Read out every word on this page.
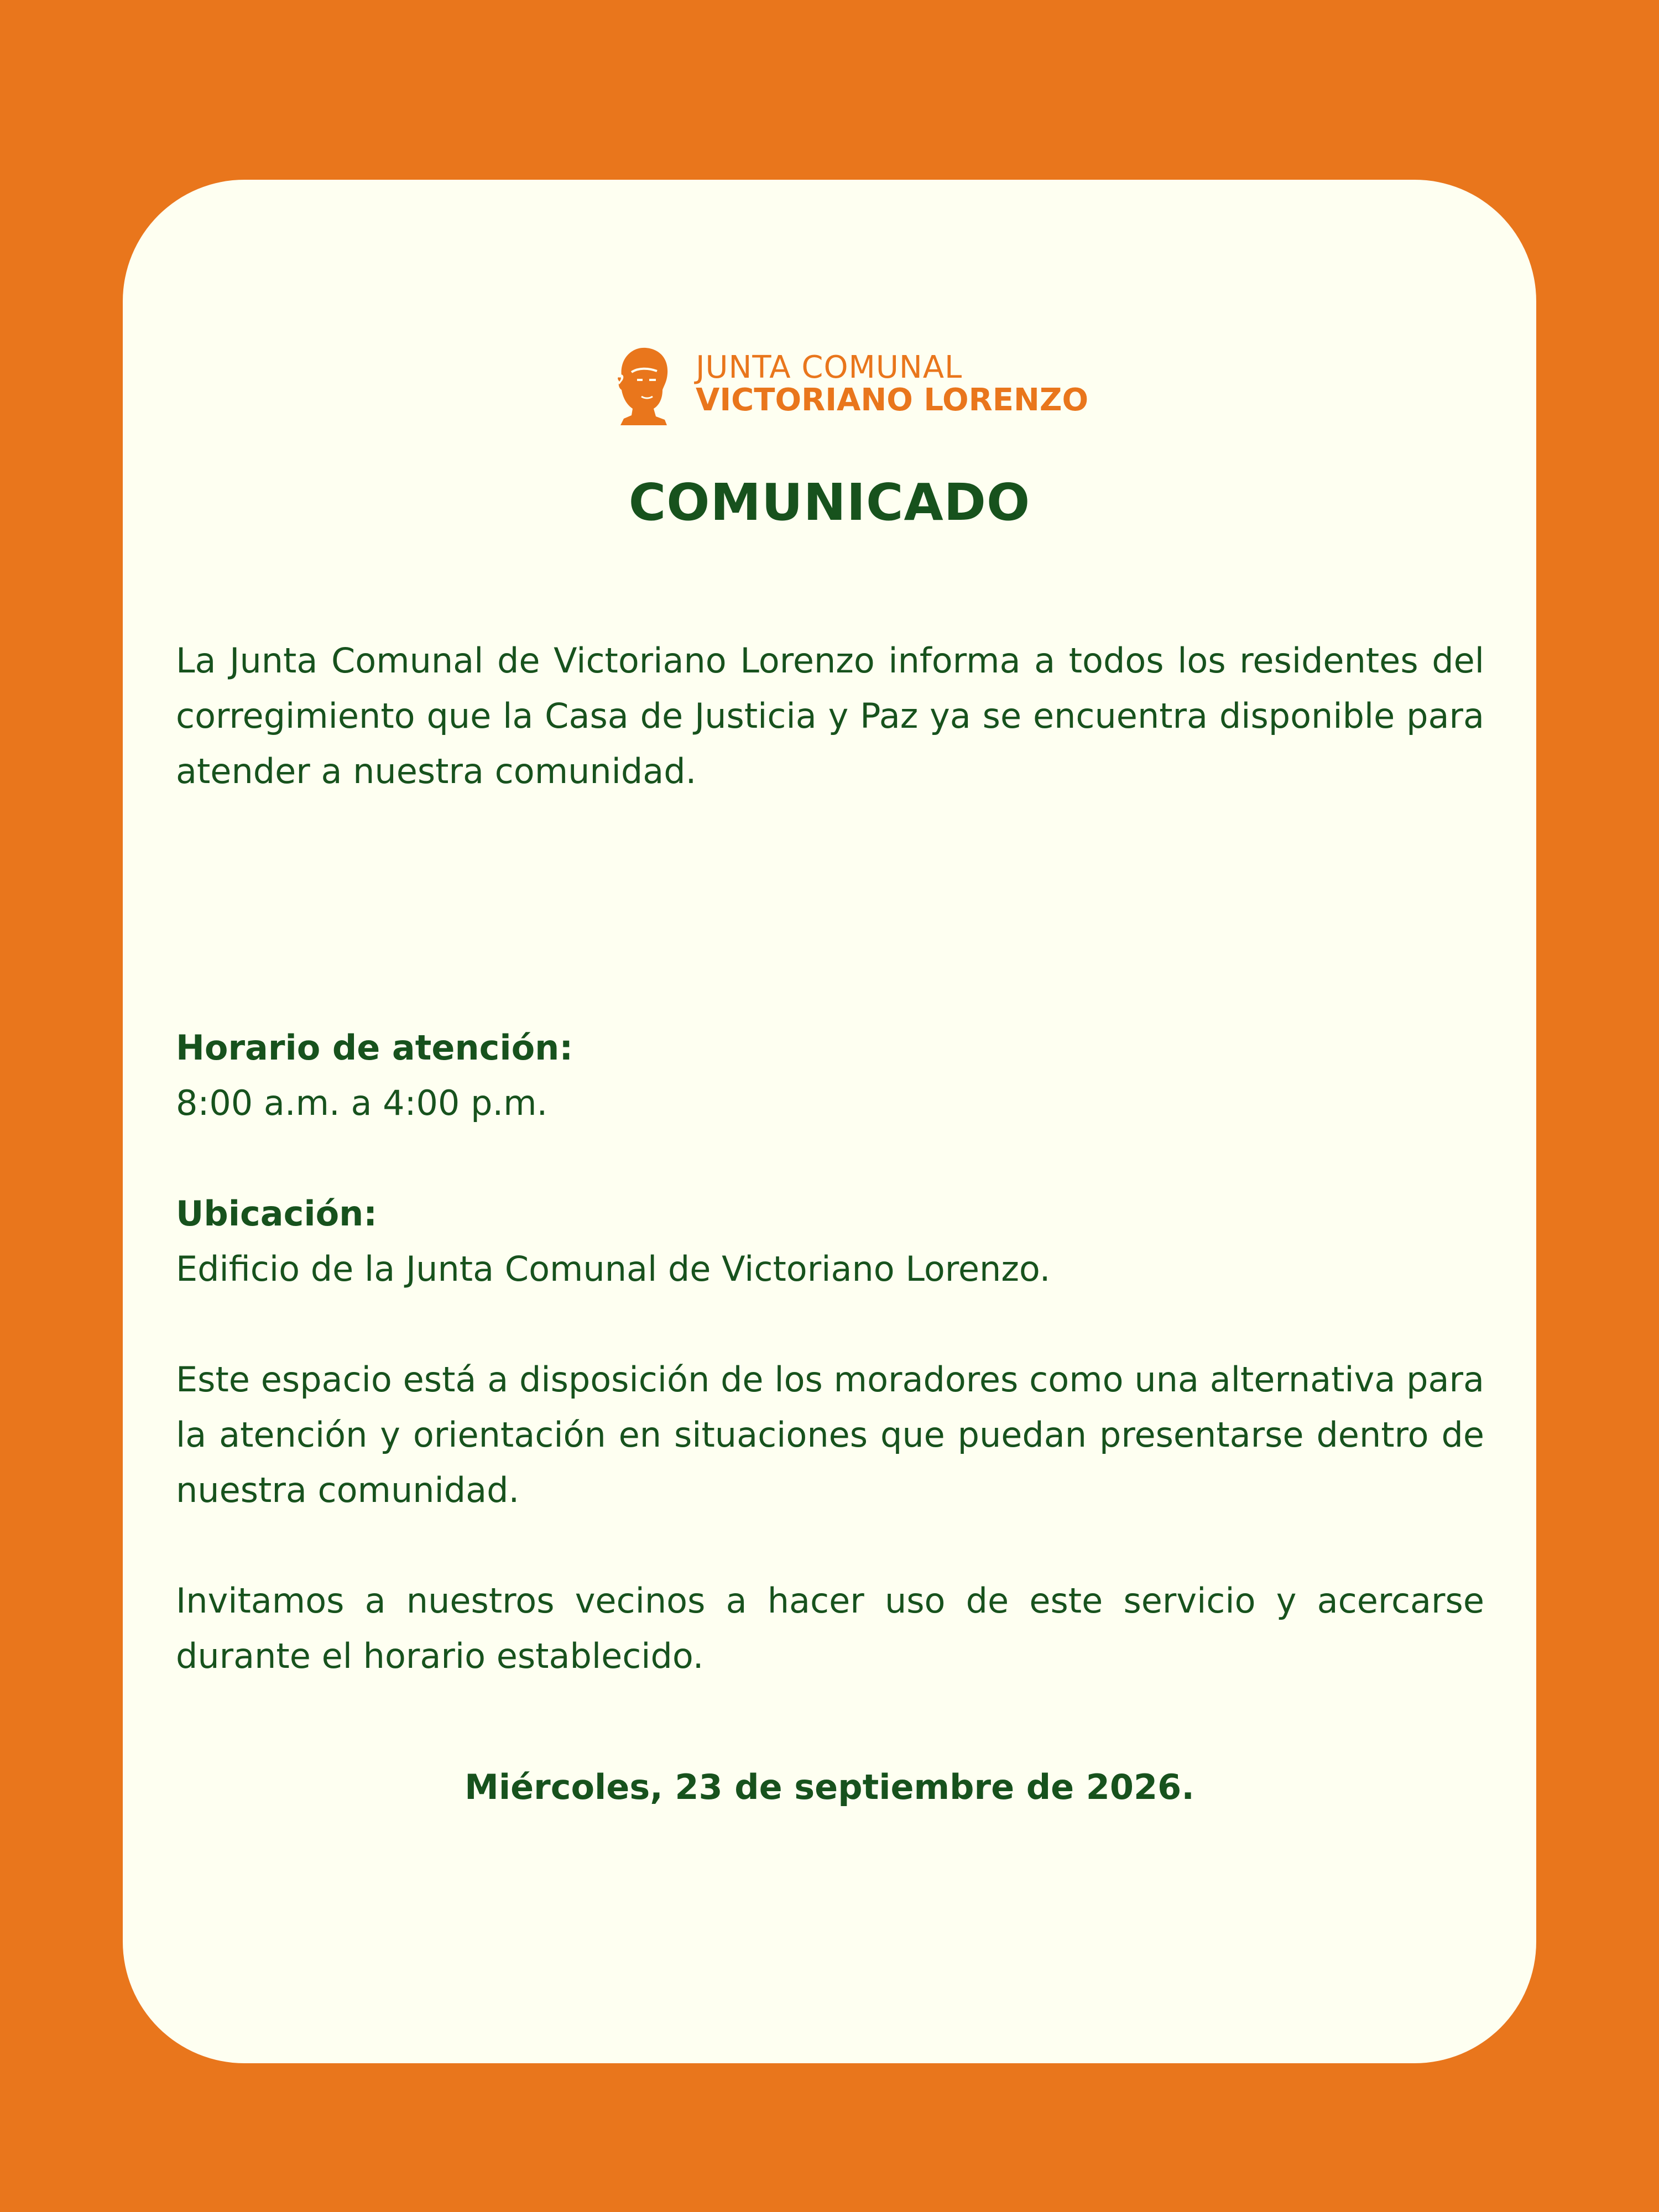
JUNTA COMUNAL
VICTORIANO LORENZO
COMUNICADO

La Junta Comunal de Victoriano Lorenzo informa a todos los residentes del corregimiento que la Casa de Justicia y Paz ya se encuentra disponible para atender a nuestra comunidad.

Horario de atención:
8:00 a.m. a 4:00 p.m.
Ubicación:
Edificio de la Junta Comunal de Victoriano Lorenzo.

Este espacio está a disposición de los moradores como una alternativa para la atención y orientación en situaciones que puedan presentarse dentro de nuestra comunidad.

Invitamos a nuestros vecinos a hacer uso de este servicio y acercarse durante el horario establecido.

Miércoles, 23 de septiembre de 2026.
